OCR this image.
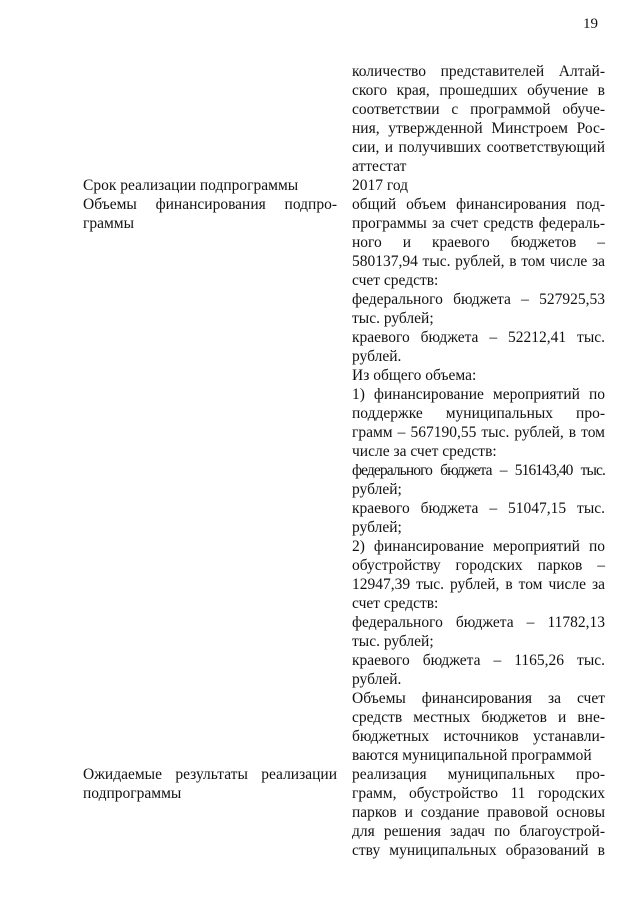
19
количество представителей Алтай-
ского края, прошедших обучение в
соответствии с программой обуче-
ния, утвержденной Минстроем Рос-
сии, и получивших соответствующий
аттестат
Срок реализации подпрограммы	2017 год
Объемы финансирования подпро-
граммы
общий объем финансирования под-
программы за счет средств федераль-
ного и краевого бюджетов –
580137,94 тыс. рублей, в том числе за
счет средств:
федерального бюджета – 527925,53
тыс. рублей;
краевого бюджета – 52212,41 тыс.
рублей.
Из общего объема:
1) финансирование мероприятий по
поддержке муниципальных про-
грамм – 567190,55 тыс. рублей, в том
числе за счет средств:
федерального бюджета – 516143,40 тыс.
рублей;
краевого бюджета – 51047,15 тыс.
рублей;
2) финансирование мероприятий по
обустройству городских парков –
12947,39 тыс. рублей, в том числе за
счет средств:
федерального бюджета – 11782,13
тыс. рублей;
краевого бюджета – 1165,26 тыс.
рублей.
Объемы финансирования за счет
средств местных бюджетов и вне-
бюджетных источников устанавли-
ваются муниципальной программой
Ожидаемые результаты реализации
подпрограммы
реализация муниципальных про-
грамм, обустройство 11 городских
парков и создание правовой основы
для решения задач по благоустрой-
ству муниципальных образований в
